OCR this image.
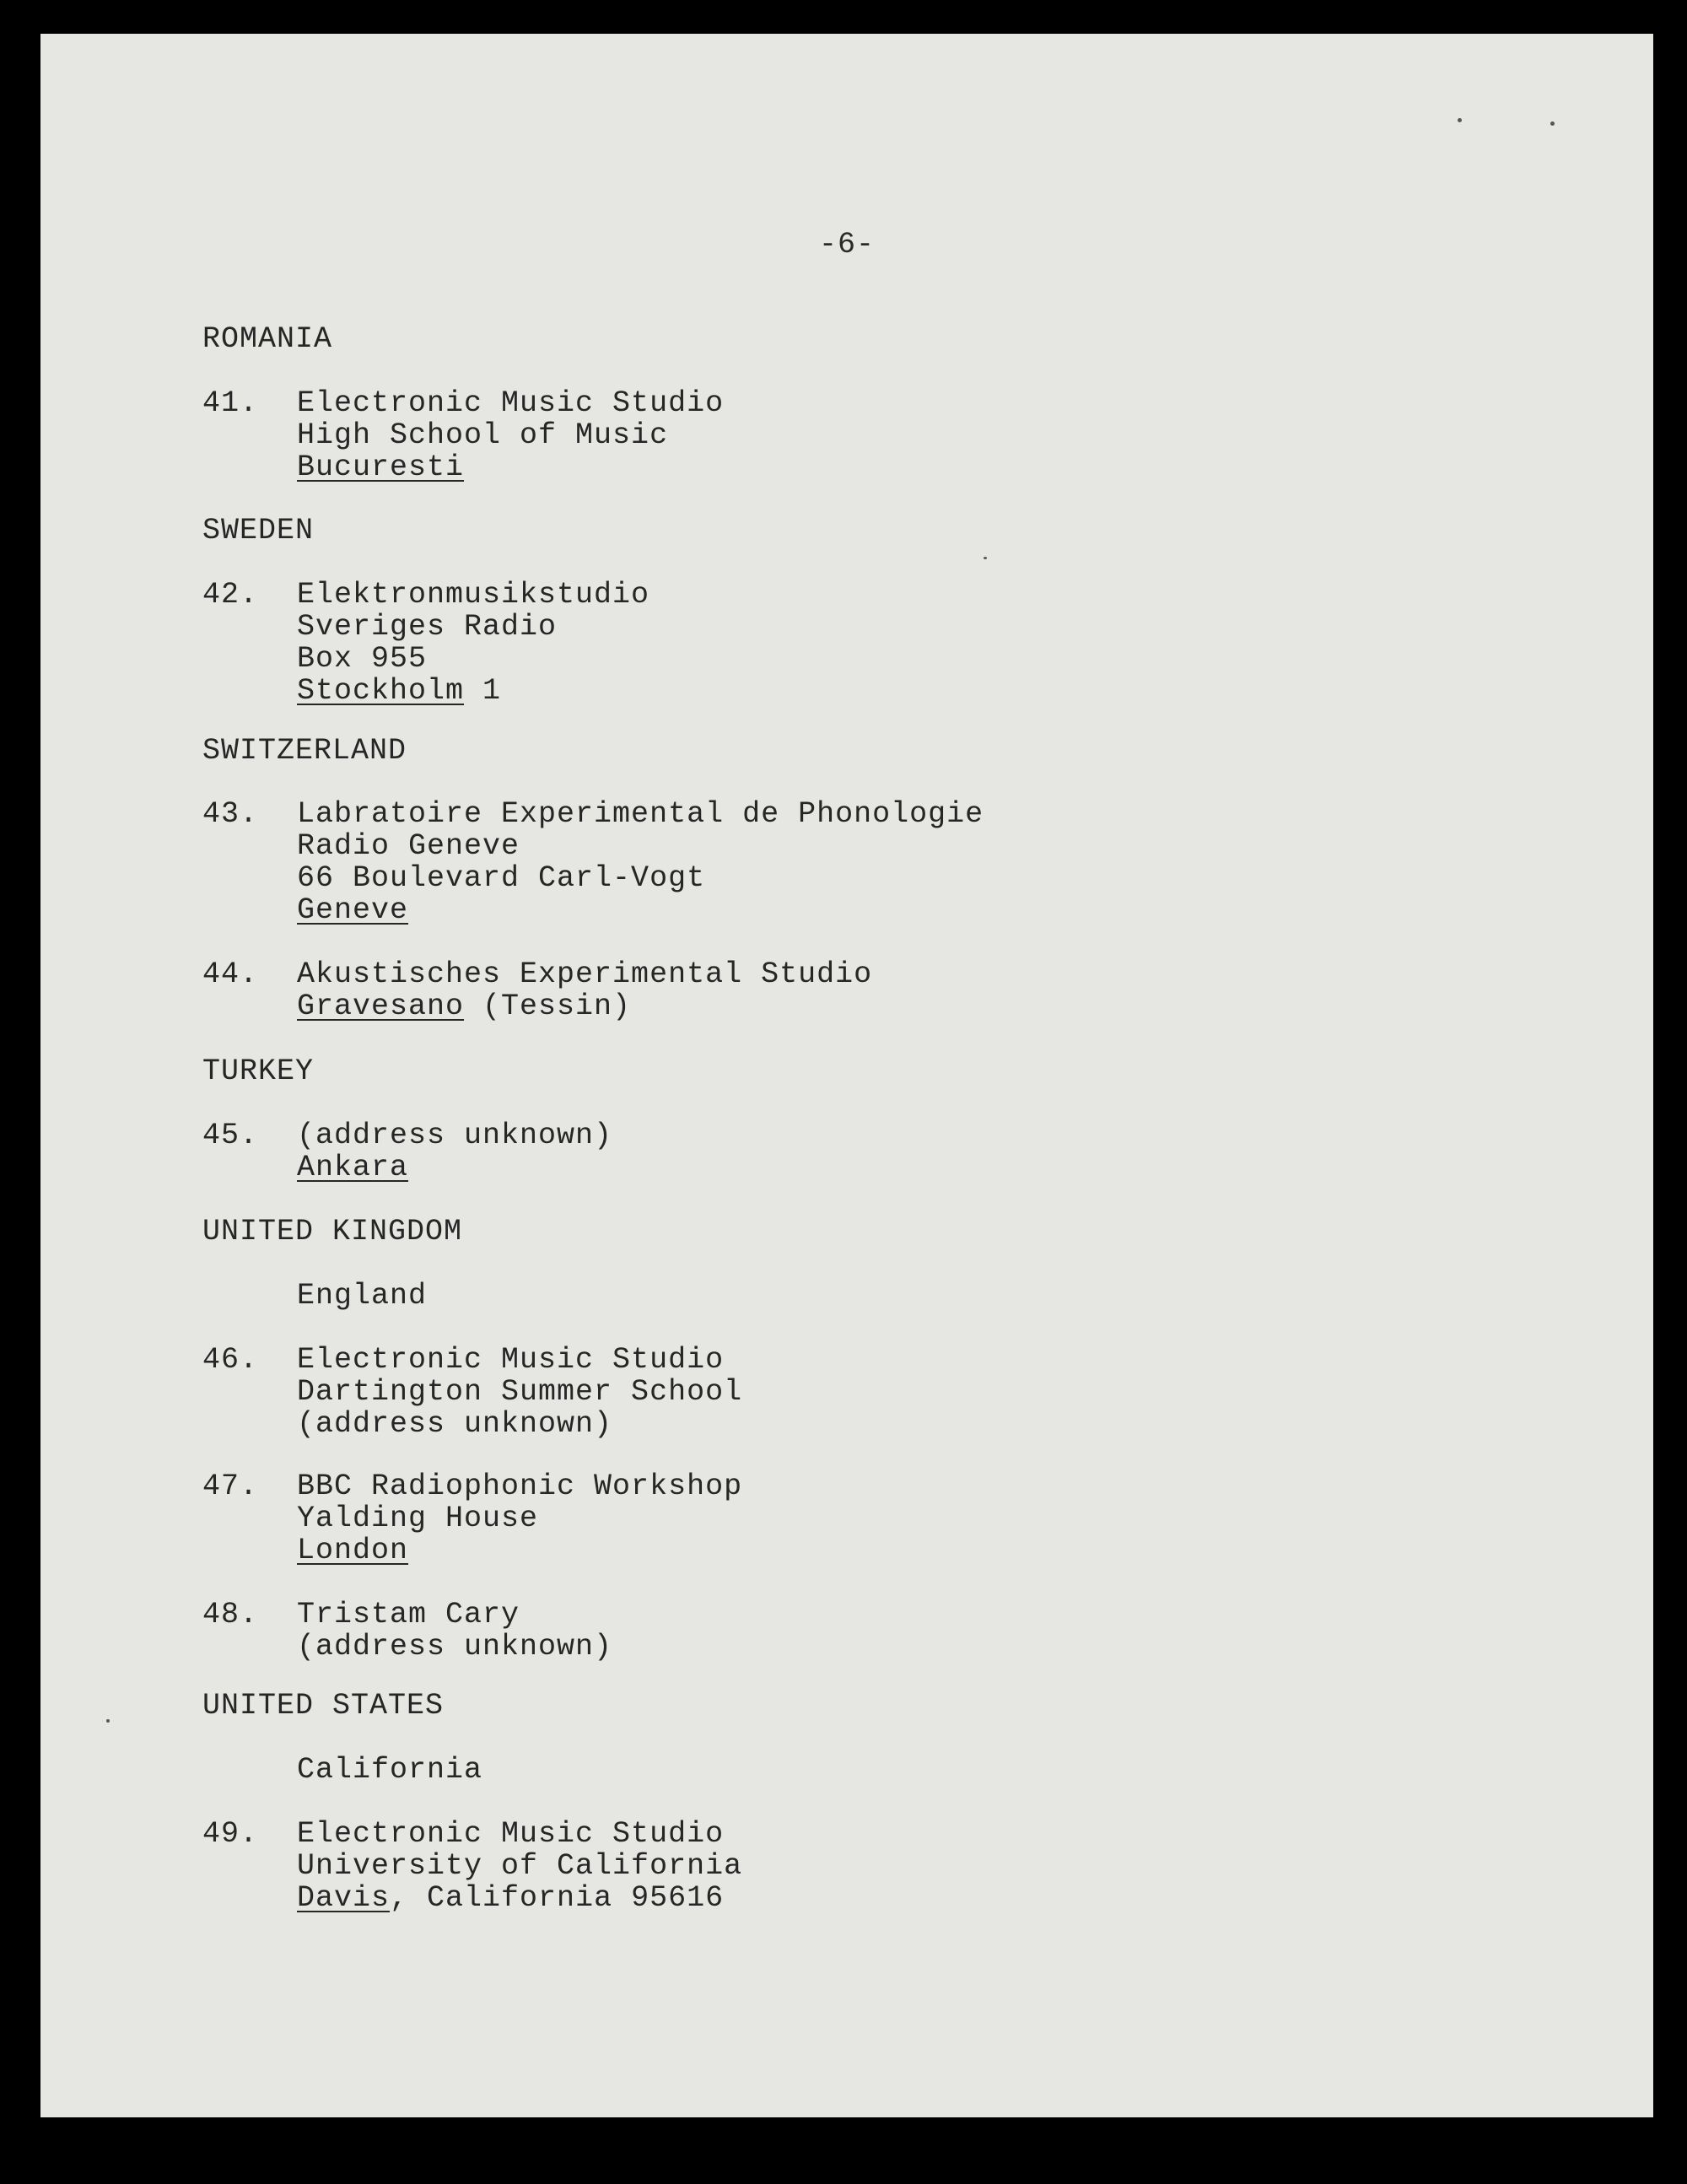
-6-
ROMANIA
41. Electronic Music Studio
High School of Music
Bucuresti
SWEDEN
42. Elektronmusikstudio
Sveriges Radio
Box 955
Stockholm 1
SWITZERLAND
43. Labratoire Experimental de Phonologie
Radio Geneve
66 Boulevard Carl-Vogt
Geneve
44. Akustisches Experimental Studio
Gravesano (Tessin)
TURKEY
45. (address unknown)
Ankara
UNITED KINGDOM
England
46. Electronic Music Studio
Dartington Summer School
(address unknown)
47. BBC Radiophonic Workshop
Yalding House
London
48. Tristam Cary
(address unknown)
UNITED STATES
California
49. Electronic Music Studio
University of California
Davis, California 95616
